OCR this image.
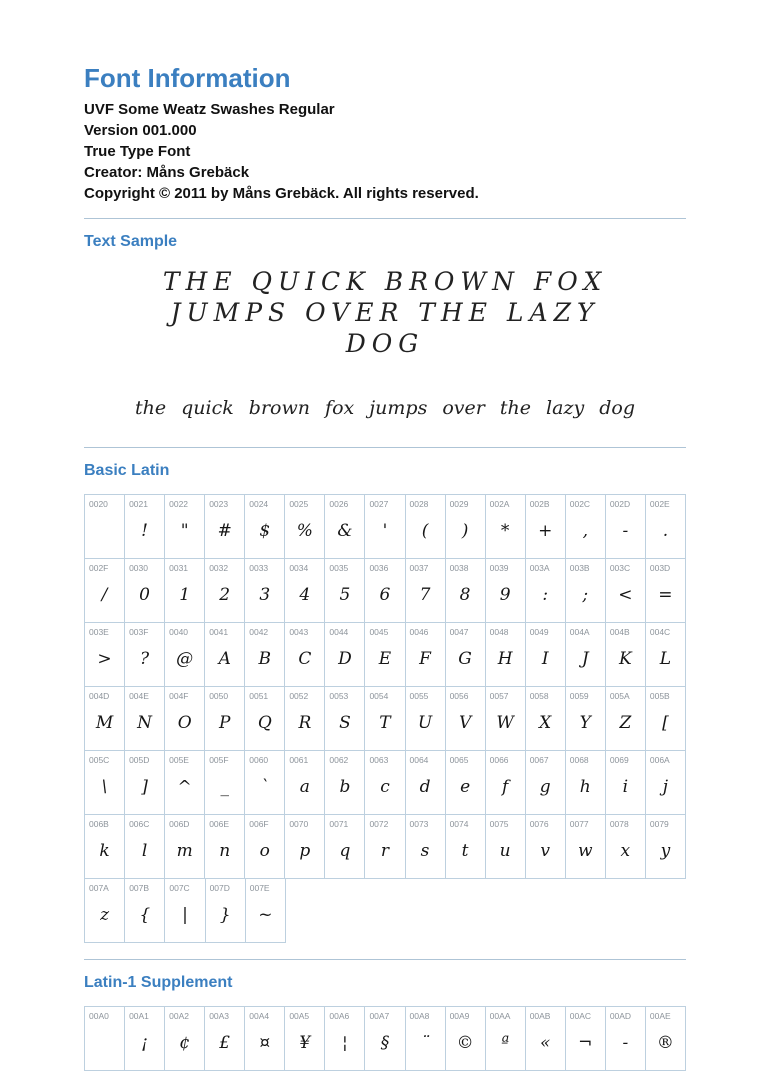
Font Information
UVF Some Weatz Swashes Regular
Version 001.000
True Type Font
Creator: Måns Grebäck
Copyright © 2011 by Måns Grebäck. All rights reserved.
Text Sample
THE QUICK BROWN FOX
JUMPS OVER THE LAZY
DOG
the quick brown fox jumps over the lazy dog
Basic Latin
0020	0021
!
0022
"
0023
#
0024
$
0025
%
0026
&
0027
'
0028
(
0029
)
002A
*
002B
+
002C
,
002D
-
002E
.
002F
/
0030
0
0031
1
0032
2
0033
3
0034
4
0035
5
0036
6
0037
7
0038
8
0039
9
003A
:
003B
;
003C
<
003D
=
003E
>
003F
?
0040
@
0041
A
0042
B
0043
C
0044
D
0045
E
0046
F
0047
G
0048
H
0049
I
004A
J
004B
K
004C
L
004D
M
004E
N
004F
O
0050
P
0051
Q
0052
R
0053
S
0054
T
0055
U
0056
V
0057
W
0058
X
0059
Y
005A
Z
005B
[
005C
\
005D
]
005E
^
005F
_
0060
`
0061
a
0062
b
0063
c
0064
d
0065
e
0066
f
0067
g
0068
h
0069
i
006A
j
006B
k
006C
l
006D
m
006E
n
006F
o
0070
p
0071
q
0072
r
0073
s
0074
t
0075
u
0076
v
0077
w
0078
x
0079
y
007A
z
007B
{
007C
|
007D
}
007E
~
Latin-1 Supplement
00A0	00A1
¡
00A2
¢
00A3
£
00A4
¤
00A5
¥
00A6
¦
00A7
§
00A8
¨
00A9
©
00AA
ª
00AB
«
00AC
¬
00AD
-
00AE
®
